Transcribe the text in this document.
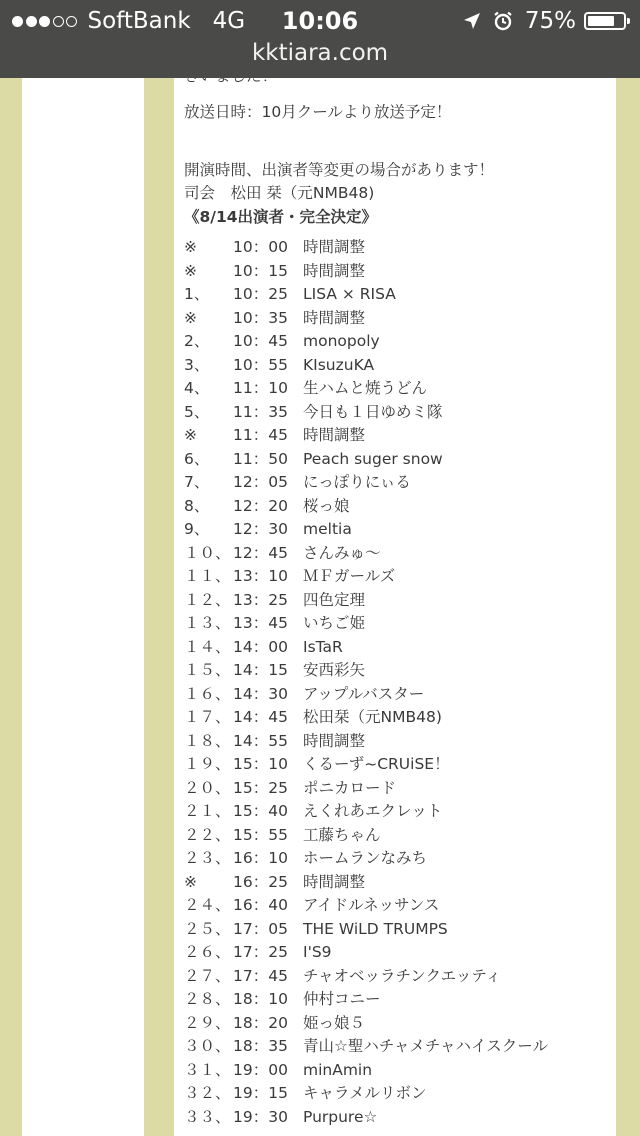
SoftBank 4G	10:06	75%
kktiara.com
放送日時：10月クールより放送予定！
開演時間、出演者等変更の場合があります！
司会　松田 栞（元NMB48)
《8/14出演者・完全決定》
※	10：00 時間調整
※	10：15 時間調整
1、	10：25 LISA × RISA
※	10：35 時間調整
2、	10：45 monopoly
3、	10：55 KIsuzuKA
4、	11：10 生ハムと焼うどん
5、	11：35 今日も１日ゆめミ隊
※	11：45 時間調整
6、	11：50 Peach suger snow
7、	12：05 にっぽりにぃる
8、	12：20 桜っ娘
9、	12：30 meltia
１０、 12：45 さんみゅ〜
１１、 13：10 ＭＦガールズ
１２、 13：25 四色定理
１３、 13：45 いちご姫
１４、 14：00 IsTaR
１５、 14：15 安西彩矢
１６、 14：30 アップルバスター
１７、 14：45 松田栞（元NMB48)
１８、 14：55 時間調整
１９、 15：10 くるーず~CRUiSE！
２０、 15：25 ポニカロード
２１、 15：40 えくれあエクレット
２２、 15：55 工藤ちゃん
２３、 16：10 ホームランなみち
※	16：25 時間調整
２４、 16：40 アイドルネッサンス
２５、 17：05 THE WiLD TRUMPS
２６、 17：25 I'S9
２７、 17：45 チャオベッラチンクエッティ
２８、 18：10 仲村コニー
２９、 18：20 姫っ娘５
３０、 18：35 青山☆聖ハチャメチャハイスクール
３１、 19：00 minAmin
３２、 19：15 キャラメルリボン
３３、 19：30 Purpure☆
